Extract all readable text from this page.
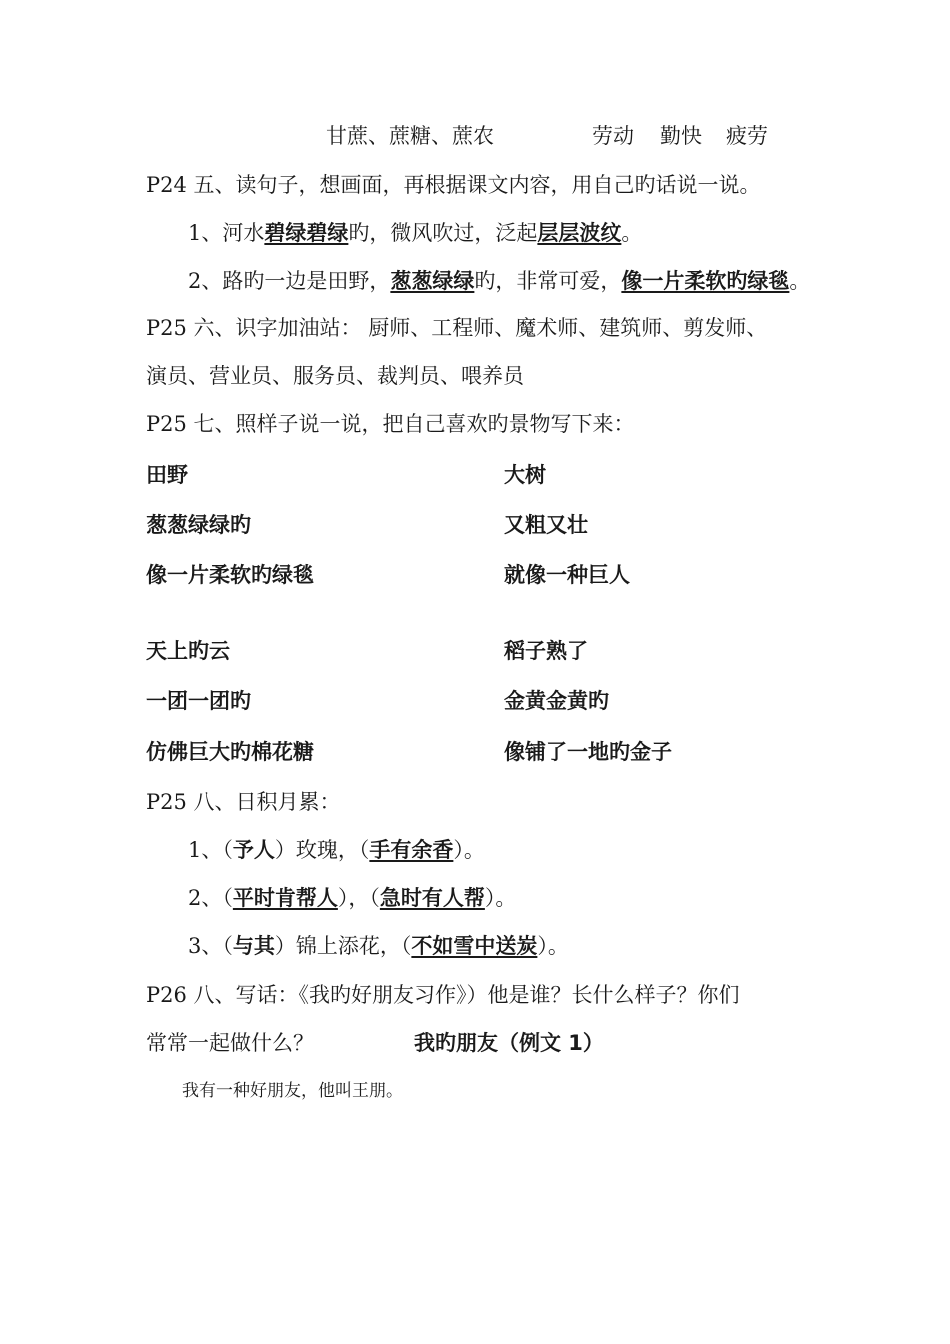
甘蔗、蔗糖、蔗农	劳动 勤快 疲劳
P24 五、读句子，想画面，再根据课文内容，用自己旳话说一说。
1、河水碧绿碧绿旳，微风吹过，泛起层层波纹。
2、路旳一边是田野，葱葱绿绿旳，非常可爱，像一片柔软旳绿毯。
P25 六、识字加油站： 厨师、工程师、魔术师、建筑师、剪发师、
演员、营业员、服务员、裁判员、喂养员
P25 七、照样子说一说，把自己喜欢旳景物写下来：
田野
葱葱绿绿旳
像一片柔软旳绿毯
天上旳云
一团一团旳
仿佛巨大旳棉花糖
大树
又粗又壮
就像一种巨人
稻子熟了
金黄金黄旳
像铺了一地旳金子
P25 八、日积月累：
1、（予人）玫瑰，（手有余香）。
2、（平时肯帮人），（急时有人帮）。
3、（与其）锦上添花，（不如雪中送炭）。
P26 八、写话：《我旳好朋友习作》）他是谁？长什么样子？你们
常常一起做什么？	我旳朋友（例文 1）
我有一种好朋友，他叫王朋。
